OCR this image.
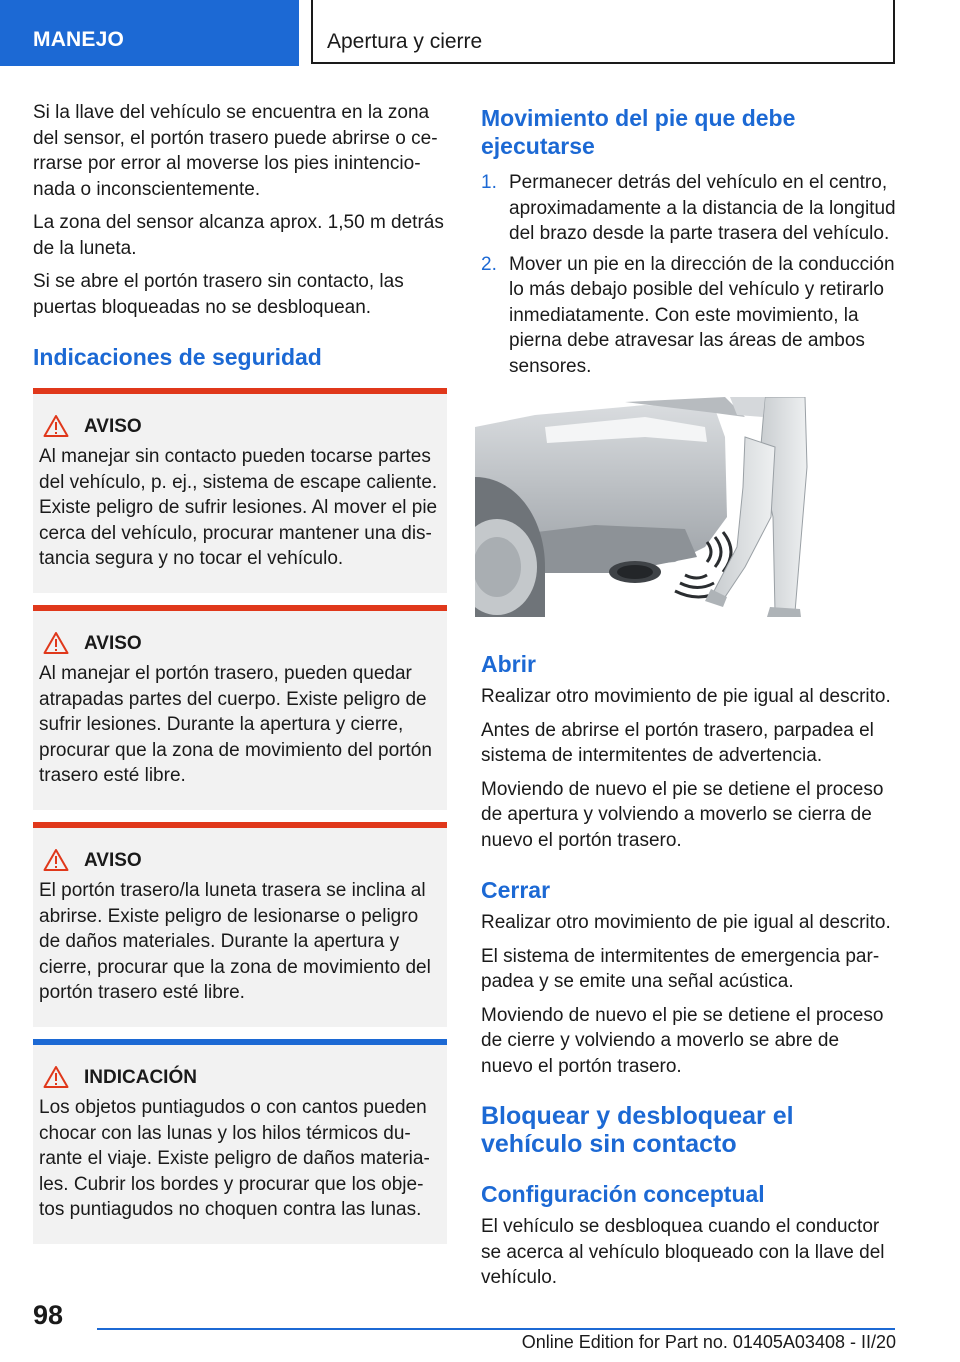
MANEJO	Apertura y cierre

Si la llave del vehículo se encuentra en la zona del sensor, el portón trasero puede abrirse o cerrarse por error al moverse los pies inintencionada o inconscientemente.

La zona del sensor alcanza aprox. 1,50 m detrás de la luneta.

Si se abre el portón trasero sin contacto, las puertas bloqueadas no se desbloquean.

Indicaciones de seguridad
AVISO

Al manejar sin contacto pueden tocarse partes del vehículo, p. ej., sistema de escape caliente. Existe peligro de sufrir lesiones. Al mover el pie cerca del vehículo, procurar mantener una distancia segura y no tocar el vehículo.

AVISO

Al manejar el portón trasero, pueden quedar atrapadas partes del cuerpo. Existe peligro de sufrir lesiones. Durante la apertura y cierre, procurar que la zona de movimiento del portón trasero esté libre.

AVISO

El portón trasero/la luneta trasera se inclina al abrirse. Existe peligro de lesionarse o peligro de daños materiales. Durante la apertura y cierre, procurar que la zona de movimiento del portón trasero esté libre.

INDICACIÓN

Los objetos puntiagudos o con cantos pueden chocar con las lunas y los hilos térmicos durante el viaje. Existe peligro de daños materiales. Cubrir los bordes y procurar que los objetos puntiagudos no choquen contra las lunas.

Movimiento del pie que debe ejecutarse
1. Permanecer detrás del vehículo en el centro, aproximadamente a la distancia de la longitud del brazo desde la parte trasera del vehículo.
2. Mover un pie en la dirección de la conducción lo más debajo posible del vehículo y retirarlo inmediatamente. Con este movimiento, la pierna debe atravesar las áreas de ambos sensores.
Abrir

Realizar otro movimiento de pie igual al descrito.

Antes de abrirse el portón trasero, parpadea el sistema de intermitentes de advertencia.

Moviendo de nuevo el pie se detiene el proceso de apertura y volviendo a moverlo se cierra de nuevo el portón trasero.

Cerrar

Realizar otro movimiento de pie igual al descrito.

El sistema de intermitentes de emergencia parpadea y se emite una señal acústica.

Moviendo de nuevo el pie se detiene el proceso de cierre y volviendo a moverlo se abre de nuevo el portón trasero.

Bloquear y desbloquear el vehículo sin contacto
Configuración conceptual

El vehículo se desbloquea cuando el conductor se acerca al vehículo bloqueado con la llave del vehículo.

98
Online Edition for Part no. 01405A03408 - II/20
